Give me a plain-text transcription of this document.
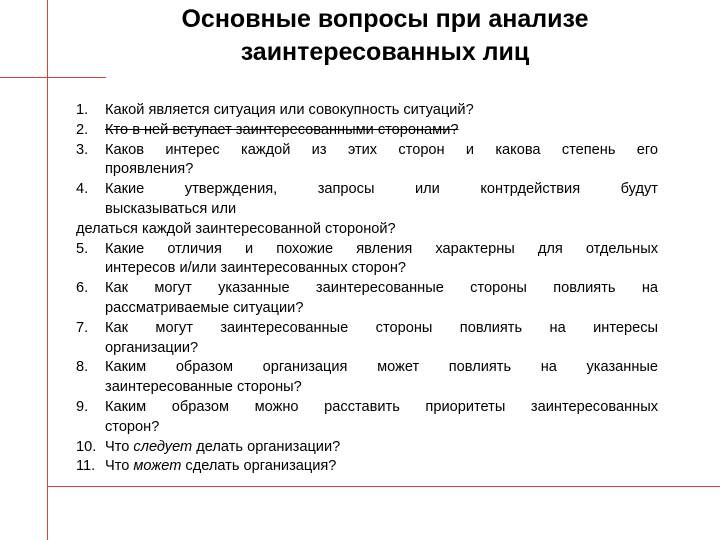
Основные вопросы при анализе
заинтересованных лиц
1. Какой является ситуация или совокупность ситуаций?
2. Кто в ней вступает заинтересованными сторонами?
3. Каков интерес каждой из этих сторон и какова степень его
проявления?
4. Какие утверждения, запросы или контрдействия будут
высказываться или
делаться каждой заинтересованной стороной?
5. Какие отличия и похожие явления характерны для отдельных
интересов и/или заинтересованных сторон?
6. Как могут указанные заинтересованные стороны повлиять на
рассматриваемые ситуации?
7. Как могут заинтересованные стороны повлиять на интересы
организации?
8. Каким образом организация может повлиять на указанные
заинтересованные стороны?
9. Каким образом можно расставить приоритеты заинтересованных
сторон?
10. Что следует делать организации?
11. Что может сделать организация?
